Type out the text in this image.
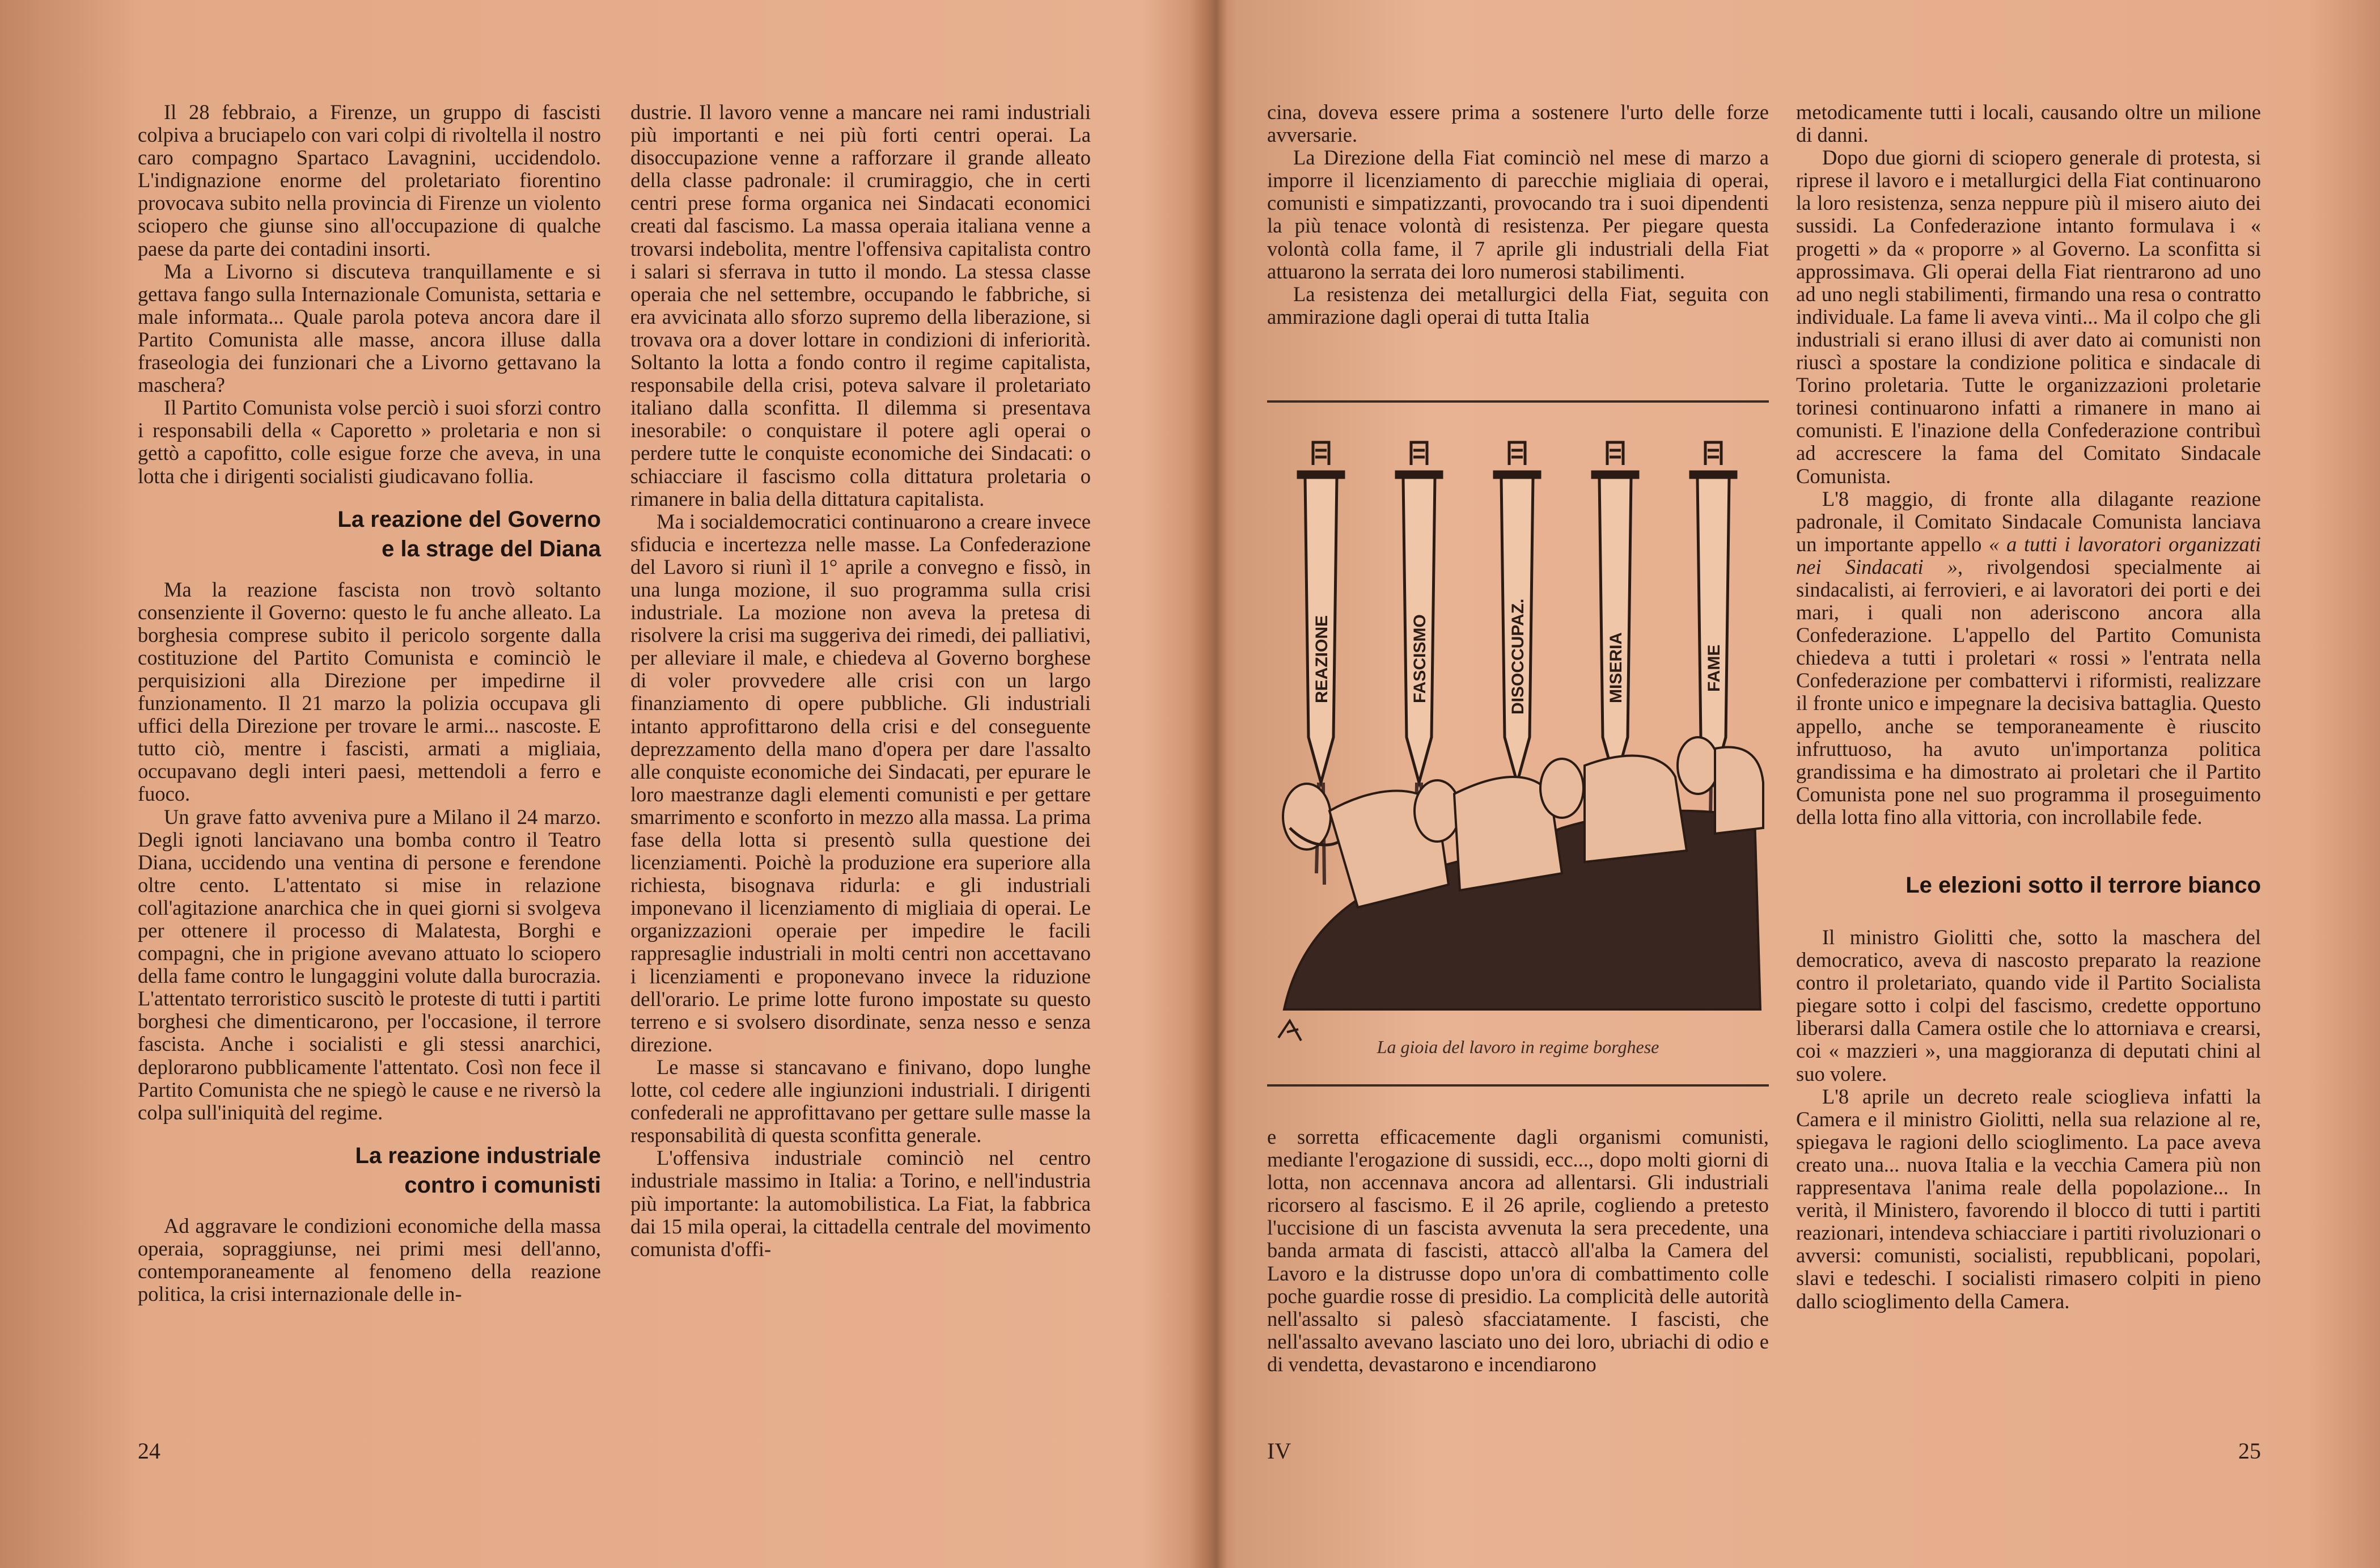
Il 28 febbraio, a Firenze, un gruppo di fascisti colpiva a bruciapelo con vari colpi di rivoltella il nostro caro compagno Spartaco Lavagnini, uccidendolo. L'indignazione enorme del proletariato fiorentino provocava subito nella provincia di Firenze un violento sciopero che giunse sino all'occupazione di qualche paese da parte dei contadini insorti.

Ma a Livorno si discuteva tranquillamente e si gettava fango sulla Internazionale Comunista, settaria e male informata... Quale parola poteva ancora dare il Partito Comunista alle masse, ancora illuse dalla fraseologia dei funzionari che a Livorno gettavano la maschera?

Il Partito Comunista volse perciò i suoi sforzi contro i responsabili della « Caporetto » proletaria e non si gettò a capofitto, colle esigue forze che aveva, in una lotta che i dirigenti socialisti giudicavano follia.

La reazione del Governo
e la strage del Diana

Ma la reazione fascista non trovò soltanto consenziente il Governo: questo le fu anche alleato. La borghesia comprese subito il pericolo sorgente dalla costituzione del Partito Comunista e cominciò le perquisizioni alla Direzione per impedirne il funzionamento. Il 21 marzo la polizia occupava gli uffici della Direzione per trovare le armi... nascoste. E tutto ciò, mentre i fascisti, armati a migliaia, occupavano degli interi paesi, mettendoli a ferro e fuoco.

Un grave fatto avveniva pure a Milano il 24 marzo. Degli ignoti lanciavano una bomba contro il Teatro Diana, uccidendo una ventina di persone e ferendone oltre cento. L'attentato si mise in relazione coll'agitazione anarchica che in quei giorni si svolgeva per ottenere il processo di Malatesta, Borghi e compagni, che in prigione avevano attuato lo sciopero della fame contro le lungaggini volute dalla burocrazia. L'attentato terroristico suscitò le proteste di tutti i partiti borghesi che dimenticarono, per l'occasione, il terrore fascista. Anche i socialisti e gli stessi anarchici, deplorarono pubblicamente l'attentato. Così non fece il Partito Comunista che ne spiegò le cause e ne riversò la colpa sull'iniquità del regime.

La reazione industriale
contro i comunisti

Ad aggravare le condizioni economiche della massa operaia, sopraggiunse, nei primi mesi dell'anno, contemporaneamente al fenomeno della reazione politica, la crisi internazionale delle in-

dustrie. Il lavoro venne a mancare nei rami industriali più importanti e nei più forti centri operai. La disoccupazione venne a rafforzare il grande alleato della classe padronale: il crumiraggio, che in certi centri prese forma organica nei Sindacati economici creati dal fascismo. La massa operaia italiana venne a trovarsi indebolita, mentre l'offensiva capitalista contro i salari si sferrava in tutto il mondo. La stessa classe operaia che nel settembre, occupando le fabbriche, si era avvicinata allo sforzo supremo della liberazione, si trovava ora a dover lottare in condizioni di inferiorità. Soltanto la lotta a fondo contro il regime capitalista, responsabile della crisi, poteva salvare il proletariato italiano dalla sconfitta. Il dilemma si presentava inesorabile: o conquistare il potere agli operai o perdere tutte le conquiste economiche dei Sindacati: o schiacciare il fascismo colla dittatura proletaria o rimanere in balia della dittatura capitalista.

Ma i socialdemocratici continuarono a creare invece sfiducia e incertezza nelle masse. La Confederazione del Lavoro si riunì il 1° aprile a convegno e fissò, in una lunga mozione, il suo programma sulla crisi industriale. La mozione non aveva la pretesa di risolvere la crisi ma suggeriva dei rimedi, dei palliativi, per alleviare il male, e chiedeva al Governo borghese di voler provvedere alle crisi con un largo finanziamento di opere pubbliche. Gli industriali intanto approfittarono della crisi e del conseguente deprezzamento della mano d'opera per dare l'assalto alle conquiste economiche dei Sindacati, per epurare le loro maestranze dagli elementi comunisti e per gettare smarrimento e sconforto in mezzo alla massa. La prima fase della lotta si presentò sulla questione dei licenziamenti. Poichè la produzione era superiore alla richiesta, bisognava ridurla: e gli industriali imponevano il licenziamento di migliaia di operai. Le organizzazioni operaie per impedire le facili rappresaglie industriali in molti centri non accettavano i licenziamenti e proponevano invece la riduzione dell'orario. Le prime lotte furono impostate su questo terreno e si svolsero disordinate, senza nesso e senza direzione.

Le masse si stancavano e finivano, dopo lunghe lotte, col cedere alle ingiunzioni industriali. I dirigenti confederali ne approfittavano per gettare sulle masse la responsabilità di questa sconfitta generale.

L'offensiva industriale cominciò nel centro industriale massimo in Italia: a Torino, e nell'industria più importante: la automobilistica. La Fiat, la fabbrica dai 15 mila operai, la cittadella centrale del movimento comunista d'offi-

24

cina, doveva essere prima a sostenere l'urto delle forze avversarie.

La Direzione della Fiat cominciò nel mese di marzo a imporre il licenziamento di parecchie migliaia di operai, comunisti e simpatizzanti, provocando tra i suoi dipendenti la più tenace volontà di resistenza. Per piegare questa volontà colla fame, il 7 aprile gli industriali della Fiat attuarono la serrata dei loro numerosi stabilimenti.

La resistenza dei metallurgici della Fiat, seguita con ammirazione dagli operai di tutta Italia

REAZIONE	FASCISMO	DISOCCUPAZ.	MISERIA	FAME
La gioia del lavoro in regime borghese

e sorretta efficacemente dagli organismi comunisti, mediante l'erogazione di sussidi, ecc..., dopo molti giorni di lotta, non accennava ancora ad allentarsi. Gli industriali ricorsero al fascismo. E il 26 aprile, cogliendo a pretesto l'uccisione di un fascista avvenuta la sera precedente, una banda armata di fascisti, attaccò all'alba la Camera del Lavoro e la distrusse dopo un'ora di combattimento colle poche guardie rosse di presidio. La complicità delle autorità nell'assalto si palesò sfacciatamente. I fascisti, che nell'assalto avevano lasciato uno dei loro, ubriachi di odio e di vendetta, devastarono e incendiarono

metodicamente tutti i locali, causando oltre un milione di danni.

Dopo due giorni di sciopero generale di protesta, si riprese il lavoro e i metallurgici della Fiat continuarono la loro resistenza, senza neppure più il misero aiuto dei sussidi. La Confederazione intanto formulava i « progetti » da « proporre » al Governo. La sconfitta si approssimava. Gli operai della Fiat rientrarono ad uno ad uno negli stabilimenti, firmando una resa o contratto individuale. La fame li aveva vinti... Ma il colpo che gli industriali si erano illusi di aver dato ai comunisti non riuscì a spostare la condizione politica e sindacale di Torino proletaria. Tutte le organizzazioni proletarie torinesi continuarono infatti a rimanere in mano ai comunisti. E l'inazione della Confederazione contribuì ad accrescere la fama del Comitato Sindacale Comunista.

L'8 maggio, di fronte alla dilagante reazione padronale, il Comitato Sindacale Comunista lanciava un importante appello « a tutti i lavoratori organizzati nei Sindacati », rivolgendosi specialmente ai sindacalisti, ai ferrovieri, e ai lavoratori dei porti e dei mari, i quali non aderiscono ancora alla Confederazione. L'appello del Partito Comunista chiedeva a tutti i proletari « rossi » l'entrata nella Confederazione per combattervi i riformisti, realizzare il fronte unico e impegnare la decisiva battaglia. Questo appello, anche se temporaneamente è riuscito infruttuoso, ha avuto un'importanza politica grandissima e ha dimostrato ai proletari che il Partito Comunista pone nel suo programma il proseguimento della lotta fino alla vittoria, con incrollabile fede.

Le elezioni sotto il terrore bianco

Il ministro Giolitti che, sotto la maschera del democratico, aveva di nascosto preparato la reazione contro il proletariato, quando vide il Partito Socialista piegare sotto i colpi del fascismo, credette opportuno liberarsi dalla Camera ostile che lo attorniava e crearsi, coi « mazzieri », una maggioranza di deputati chini al suo volere.

L'8 aprile un decreto reale scioglieva infatti la Camera e il ministro Giolitti, nella sua relazione al re, spiegava le ragioni dello scioglimento. La pace aveva creato una... nuova Italia e la vecchia Camera più non rappresentava l'anima reale della popolazione... In verità, il Ministero, favorendo il blocco di tutti i partiti reazionari, intendeva schiacciare i partiti rivoluzionari o avversi: comunisti, socialisti, repubblicani, popolari, slavi e tedeschi. I socialisti rimasero colpiti in pieno dallo scioglimento della Camera.

IV	25
